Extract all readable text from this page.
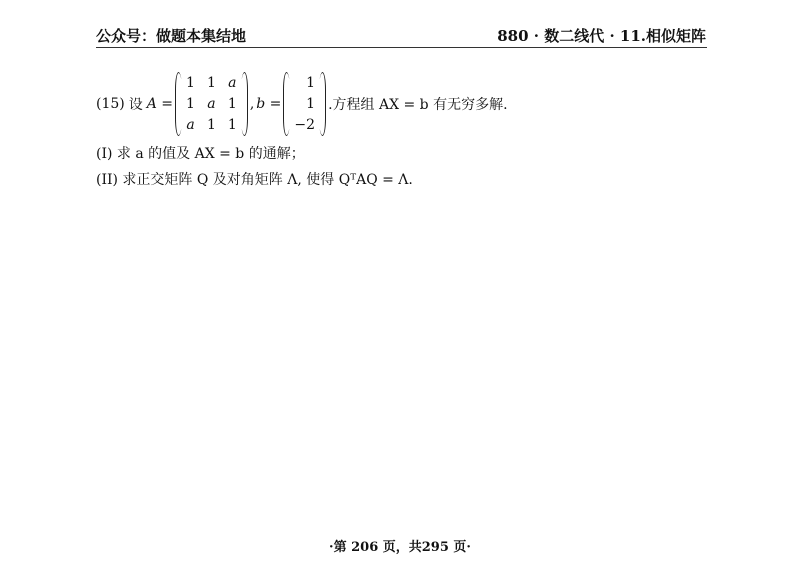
公众号：做题本集结地	880 · 数二线代 · 11.相似矩阵
(15) 设 A =
1 1 a
1 a 1
a 1 1
, b =
1
1
−2
.方程组 AX = b 有无穷多解.
(I) 求 a 的值及 AX = b 的通解；
(II) 求正交矩阵 Q 及对角矩阵 Λ, 使得 QᵀAQ = Λ.
·第 206 页，共295 页·
